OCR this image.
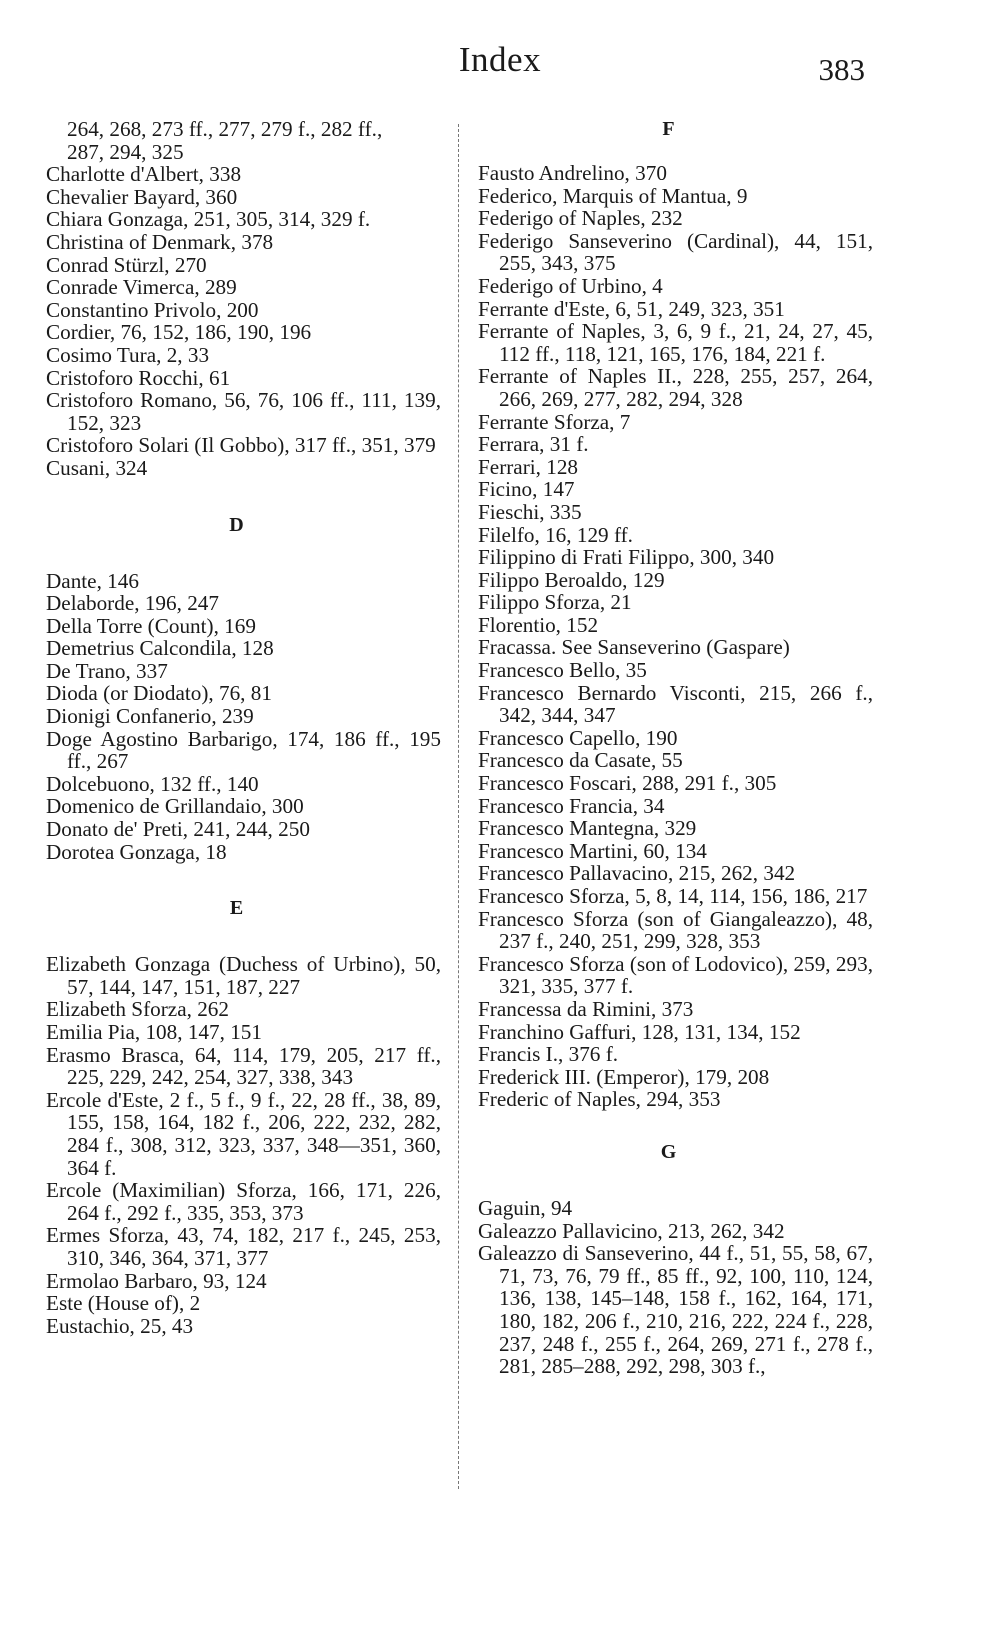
Index	383
264, 268, 273 ff., 277, 279 f., 282 ff.,
287, 294, 325
Charlotte d'Albert, 338
Chevalier Bayard, 360
Chiara Gonzaga, 251, 305, 314, 329 f.
Christina of Denmark, 378
Conrad Stürzl, 270
Conrade Vimerca, 289
Constantino Privolo, 200
Cordier, 76, 152, 186, 190, 196
Cosimo Tura, 2, 33
Cristoforo Rocchi, 61
Cristoforo Romano, 56, 76, 106 ff., 111, 139, 152, 323
Cristoforo Solari (Il Gobbo), 317 ff., 351, 379
Cusani, 324
D
Dante, 146
Delaborde, 196, 247
Della Torre (Count), 169
Demetrius Calcondila, 128
De Trano, 337
Dioda (or Diodato), 76, 81
Dionigi Confanerio, 239
Doge Agostino Barbarigo, 174, 186 ff., 195 ff., 267
Dolcebuono, 132 ff., 140
Domenico de Grillandaio, 300
Donato de' Preti, 241, 244, 250
Dorotea Gonzaga, 18
E
Elizabeth Gonzaga (Duchess of Urbino), 50, 57, 144, 147, 151, 187, 227
Elizabeth Sforza, 262
Emilia Pia, 108, 147, 151
Erasmo Brasca, 64, 114, 179, 205, 217 ff., 225, 229, 242, 254, 327, 338, 343
Ercole d'Este, 2 f., 5 f., 9 f., 22, 28 ff., 38, 89, 155, 158, 164, 182 f., 206, 222, 232, 282, 284 f., 308, 312, 323, 337, 348—351, 360, 364 f.
Ercole (Maximilian) Sforza, 166, 171, 226, 264 f., 292 f., 335, 353, 373
Ermes Sforza, 43, 74, 182, 217 f., 245, 253, 310, 346, 364, 371, 377
Ermolao Barbaro, 93, 124
Este (House of), 2
Eustachio, 25, 43
F
Fausto Andrelino, 370
Federico, Marquis of Mantua, 9
Federigo of Naples, 232
Federigo Sanseverino (Cardinal), 44, 151, 255, 343, 375
Federigo of Urbino, 4
Ferrante d'Este, 6, 51, 249, 323, 351
Ferrante of Naples, 3, 6, 9 f., 21, 24, 27, 45, 112 ff., 118, 121, 165, 176, 184, 221 f.
Ferrante of Naples II., 228, 255, 257, 264, 266, 269, 277, 282, 294, 328
Ferrante Sforza, 7
Ferrara, 31 f.
Ferrari, 128
Ficino, 147
Fieschi, 335
Filelfo, 16, 129 ff.
Filippino di Frati Filippo, 300, 340
Filippo Beroaldo, 129
Filippo Sforza, 21
Florentio, 152
Fracassa. See Sanseverino (Gaspare)
Francesco Bello, 35
Francesco Bernardo Visconti, 215, 266 f., 342, 344, 347
Francesco Capello, 190
Francesco da Casate, 55
Francesco Foscari, 288, 291 f., 305
Francesco Francia, 34
Francesco Mantegna, 329
Francesco Martini, 60, 134
Francesco Pallavacino, 215, 262, 342
Francesco Sforza, 5, 8, 14, 114, 156, 186, 217
Francesco Sforza (son of Giangaleazzo), 48, 237 f., 240, 251, 299, 328, 353
Francesco Sforza (son of Lodovico), 259, 293, 321, 335, 377 f.
Francessa da Rimini, 373
Franchino Gaffuri, 128, 131, 134, 152
Francis I., 376 f.
Frederick III. (Emperor), 179, 208
Frederic of Naples, 294, 353
G
Gaguin, 94
Galeazzo Pallavicino, 213, 262, 342
Galeazzo di Sanseverino, 44 f., 51, 55, 58, 67, 71, 73, 76, 79 ff., 85 ff., 92, 100, 110, 124, 136, 138, 145–148, 158 f., 162, 164, 171, 180, 182, 206 f., 210, 216, 222, 224 f., 228, 237, 248 f., 255 f., 264, 269, 271 f., 278 f., 281, 285–288, 292, 298, 303 f.,
